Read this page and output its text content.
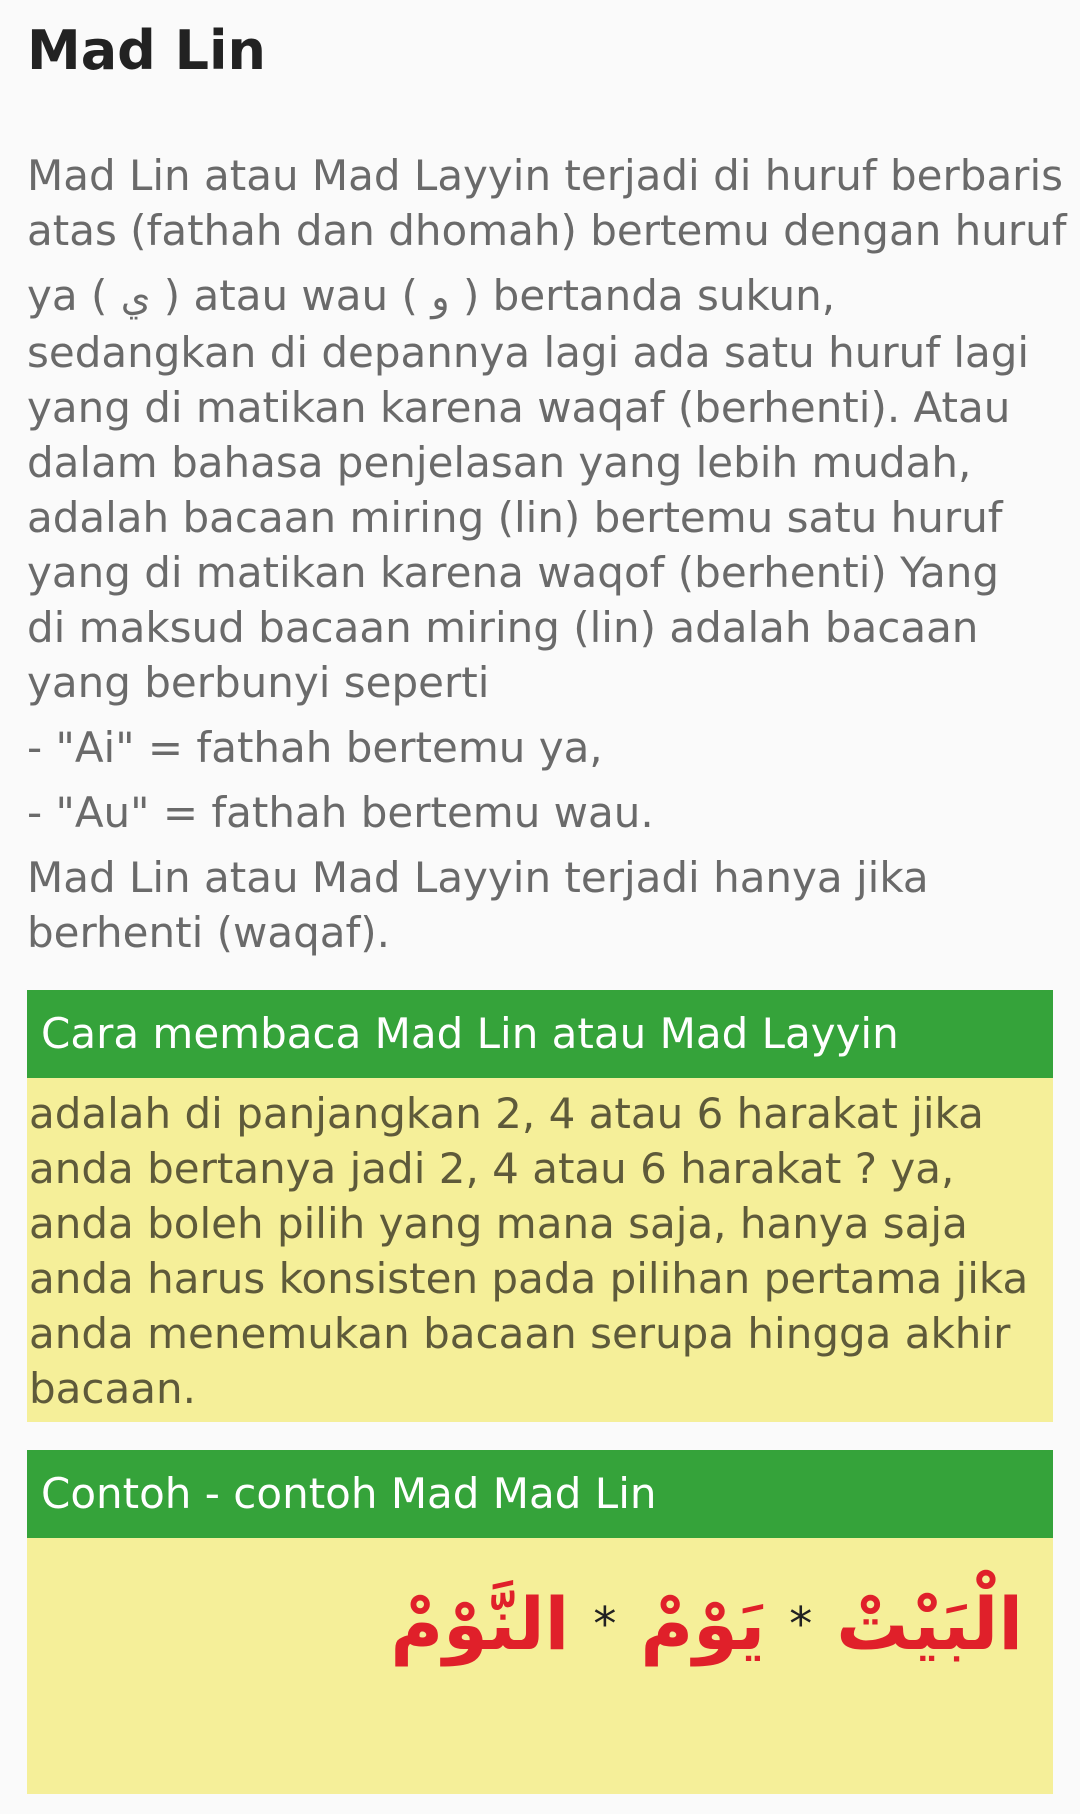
Mad Lin
Mad Lin atau Mad Layyin terjadi di huruf berbaris
atas (fathah dan dhomah) bertemu dengan huruf
ya ( ي ) atau wau ( و ) bertanda sukun,
sedangkan di depannya lagi ada satu huruf lagi
yang di matikan karena waqaf (berhenti). Atau
dalam bahasa penjelasan yang lebih mudah,
adalah bacaan miring (lin) bertemu satu huruf
yang di matikan karena waqof (berhenti) Yang
di maksud bacaan miring (lin) adalah bacaan
yang berbunyi seperti
- "Ai" = fathah bertemu ya,
- "Au" = fathah bertemu wau.
Mad Lin atau Mad Layyin terjadi hanya jika
berhenti (waqaf).
Cara membaca Mad Lin atau Mad Layyin
adalah di panjangkan 2, 4 atau 6 harakat jika
anda bertanya jadi 2, 4 atau 6 harakat ? ya,
anda boleh pilih yang mana saja, hanya saja
anda harus konsisten pada pilihan pertama jika
anda menemukan bacaan serupa hingga akhir
bacaan.
Contoh - contoh Mad Mad Lin
الْبَيْتْ
*
يَوْمْ
*
النَّوْمْ
